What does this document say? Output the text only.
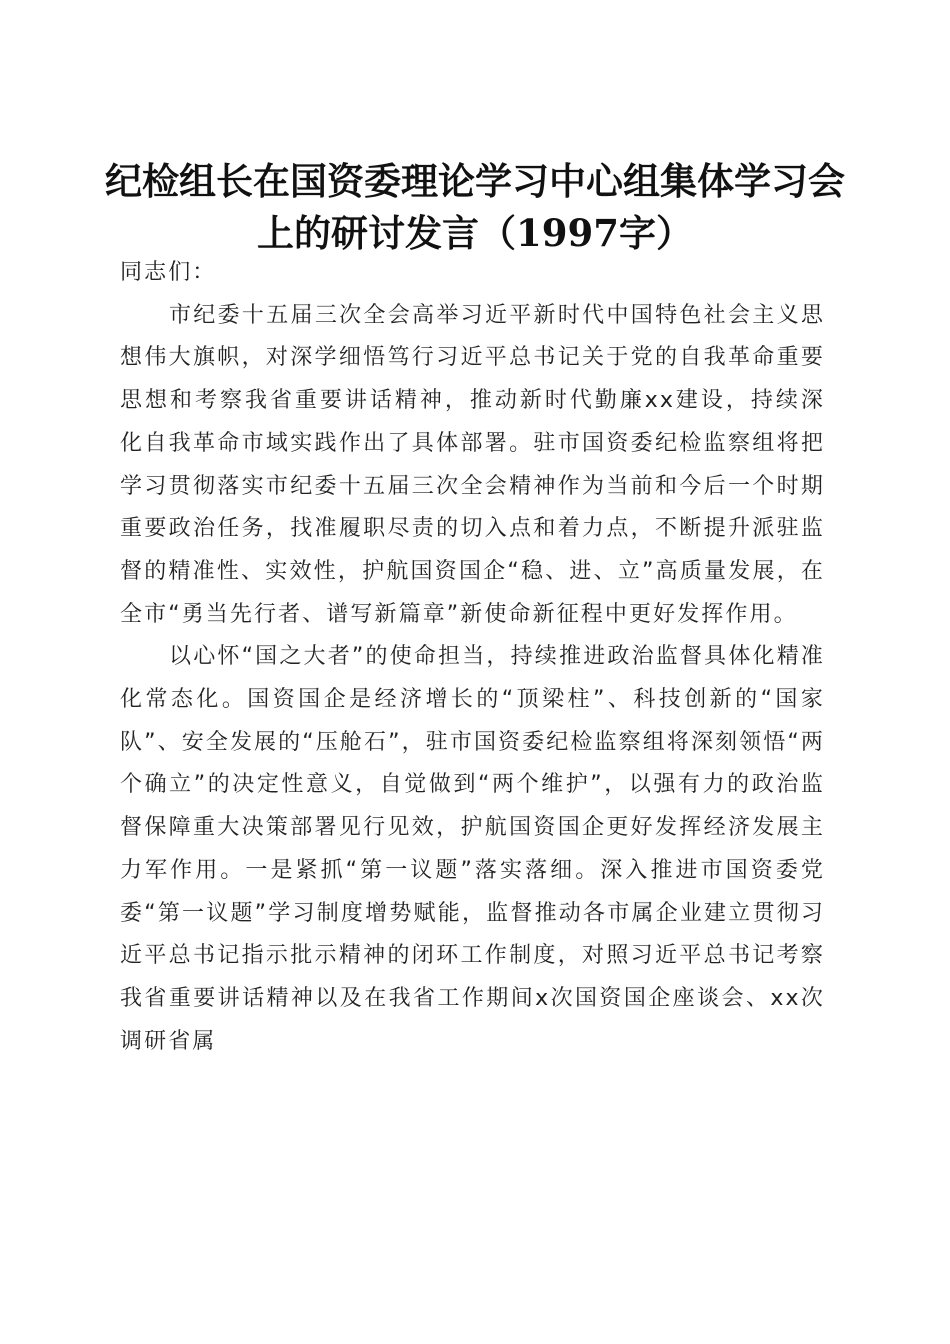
纪检组长在国资委理论学习中心组集体学习会
上的研讨发言（1997字）

同志们：

市纪委十五届三次全会高举习近平新时代中国特色社会主义思想伟大旗帜，对深学细悟笃行习近平总书记关于党的自我革命重要思想和考察我省重要讲话精神，推动新时代勤廉xx建设，持续深化自我革命市域实践作出了具体部署。驻市国资委纪检监察组将把学习贯彻落实市纪委十五届三次全会精神作为当前和今后一个时期重要政治任务，找准履职尽责的切入点和着力点，不断提升派驻监督的精准性、实效性，护航国资国企“稳、进、立”高质量发展，在全市“勇当先行者、谱写新篇章”新使命新征程中更好发挥作用。

以心怀“国之大者”的使命担当，持续推进政治监督具体化精准化常态化。国资国企是经济增长的“顶梁柱”、科技创新的“国家队”、安全发展的“压舱石”，驻市国资委纪检监察组将深刻领悟“两个确立”的决定性意义，自觉做到“两个维护”，以强有力的政治监督保障重大决策部署见行见效，护航国资国企更好发挥经济发展主力军作用。一是紧抓“第一议题”落实落细。深入推进市国资委党委“第一议题”学习制度增势赋能，监督推动各市属企业建立贯彻习近平总书记指示批示精神的闭环工作制度，对照习近平总书记考察我省重要讲话精神以及在我省工作期间x次国资国企座谈会、xx次调研省属
